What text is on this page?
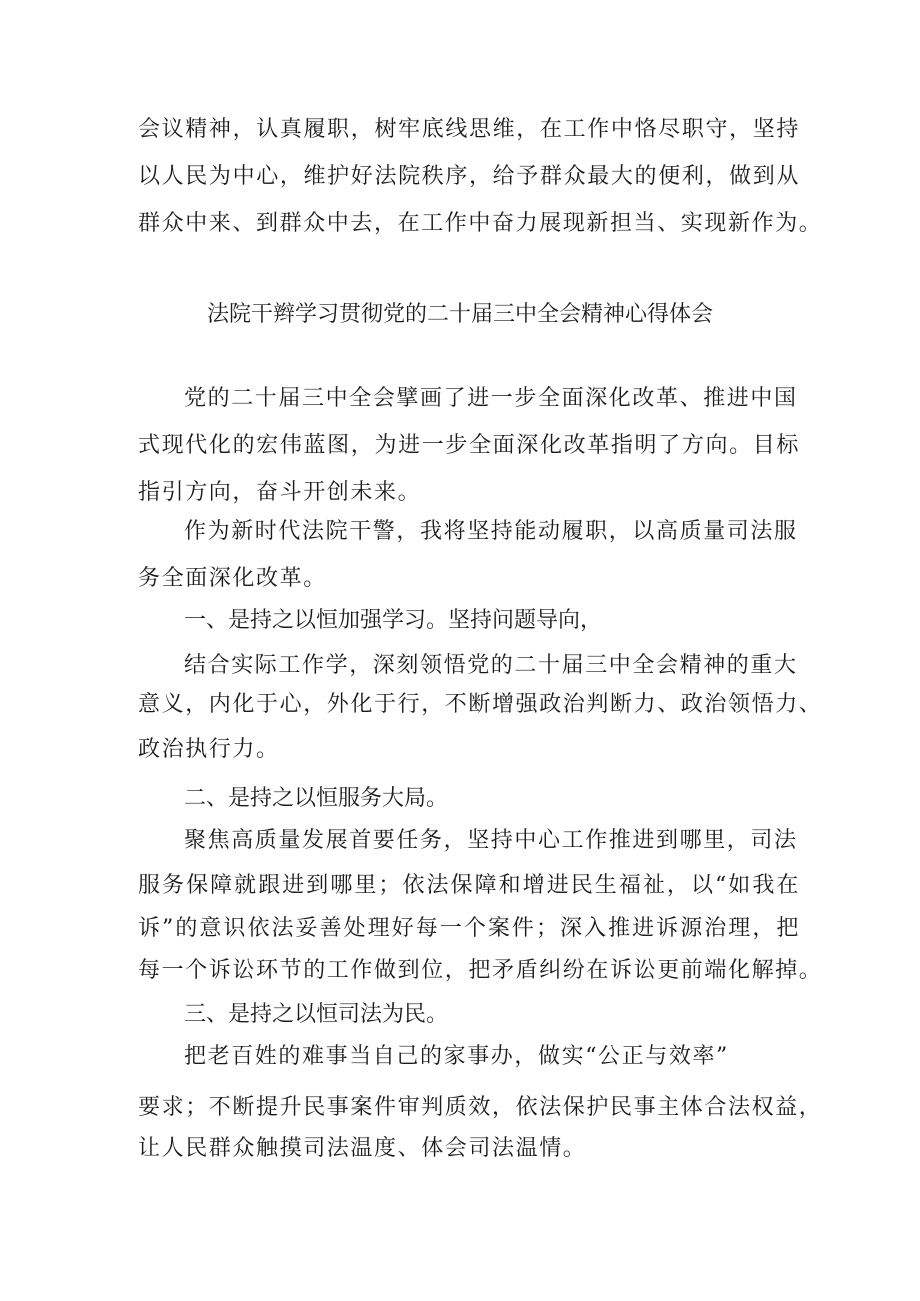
会议精神，认真履职，树牢底线思维，在工作中恪尽职守，坚持
以人民为中心，维护好法院秩序，给予群众最大的便利，做到从
群众中来、到群众中去，在工作中奋力展现新担当、实现新作为。
法院干辫学习贯彻党的二十届三中全会精神心得体会
党的二十届三中全会擘画了进一步全面深化改革、推进中国
式现代化的宏伟蓝图，为进一步全面深化改革指明了方向。目标
指引方向，奋斗开创未来。
作为新时代法院干警，我将坚持能动履职，以高质量司法服
务全面深化改革。
一、是持之以恒加强学习。坚持问题导向，
结合实际工作学，深刻领悟党的二十届三中全会精神的重大
意义，内化于心，外化于行，不断增强政治判断力、政治领悟力、
政治执行力。
二、是持之以恒服务大局。
聚焦高质量发展首要任务，坚持中心工作推进到哪里，司法
服务保障就跟进到哪里；依法保障和增进民生福祉，以“如我在
诉”的意识依法妥善处理好每一个案件；深入推进诉源治理，把
每一个诉讼环节的工作做到位，把矛盾纠纷在诉讼更前端化解掉。
三、是持之以恒司法为民。
把老百姓的难事当自己的家事办，做实“公正与效率”
要求；不断提升民事案件审判质效，依法保护民事主体合法权益，
让人民群众触摸司法温度、体会司法温情。
